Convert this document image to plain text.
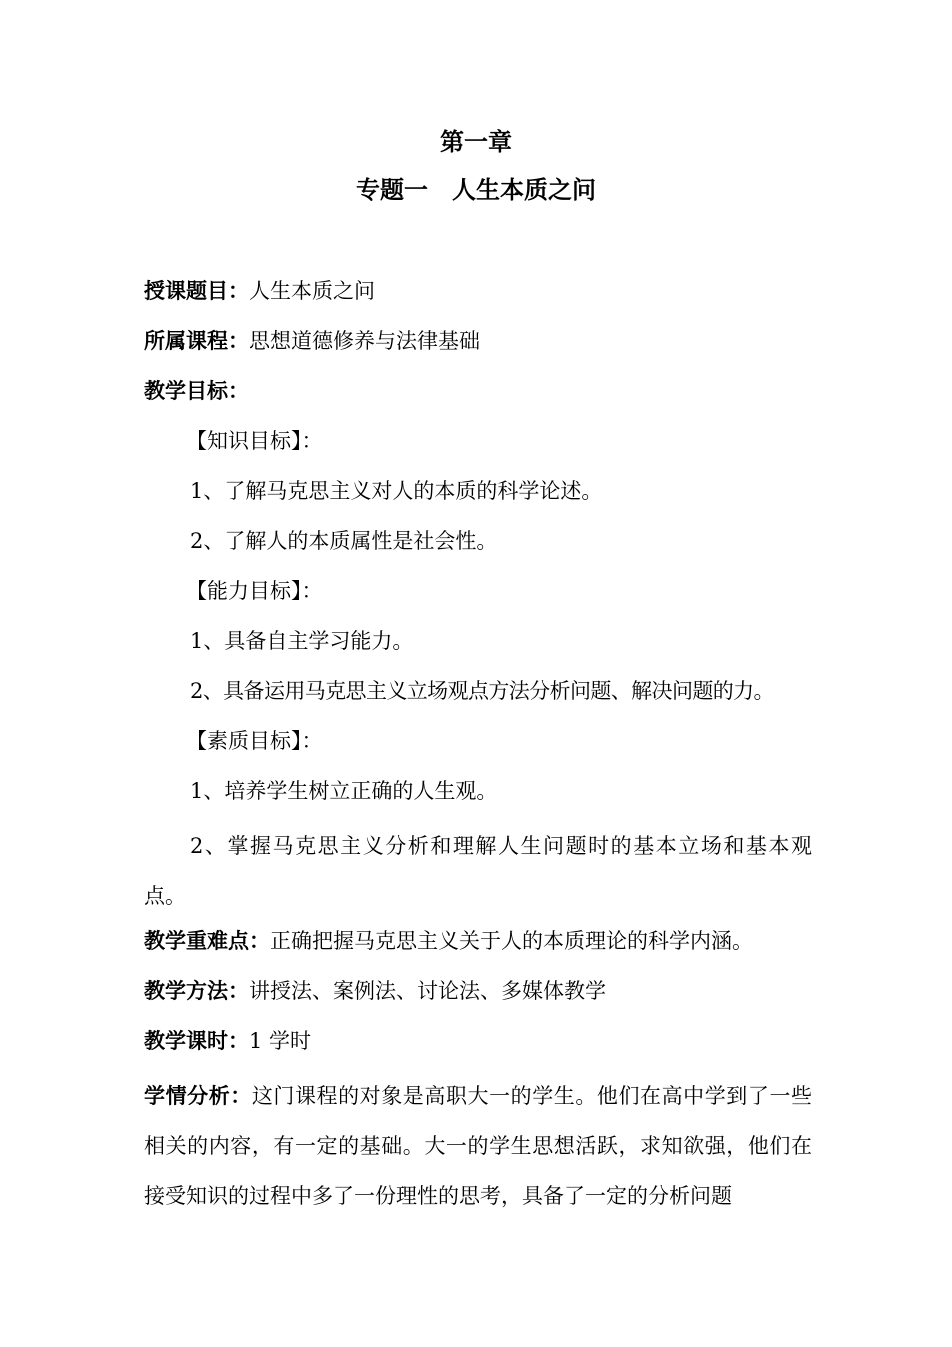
第一章
专题一　人生本质之问
授课题目：人生本质之问
所属课程：思想道德修养与法律基础
教学目标：
【知识目标】：
1、了解马克思主义对人的本质的科学论述。
2、了解人的本质属性是社会性。
【能力目标】：
1、具备自主学习能力。
2、具备运用马克思主义立场观点方法分析问题、解决问题的力。
【素质目标】：
1、培养学生树立正确的人生观。
2、掌握马克思主义分析和理解人生问题时的基本立场和基本观点。
教学重难点：正确把握马克思主义关于人的本质理论的科学内涵。
教学方法：讲授法、案例法、讨论法、多媒体教学
教学课时：1 学时
学情分析：这门课程的对象是高职大一的学生。他们在高中学到了一些相关的内容，有一定的基础。大一的学生思想活跃，求知欲强，他们在接受知识的过程中多了一份理性的思考，具备了一定的分析问题
